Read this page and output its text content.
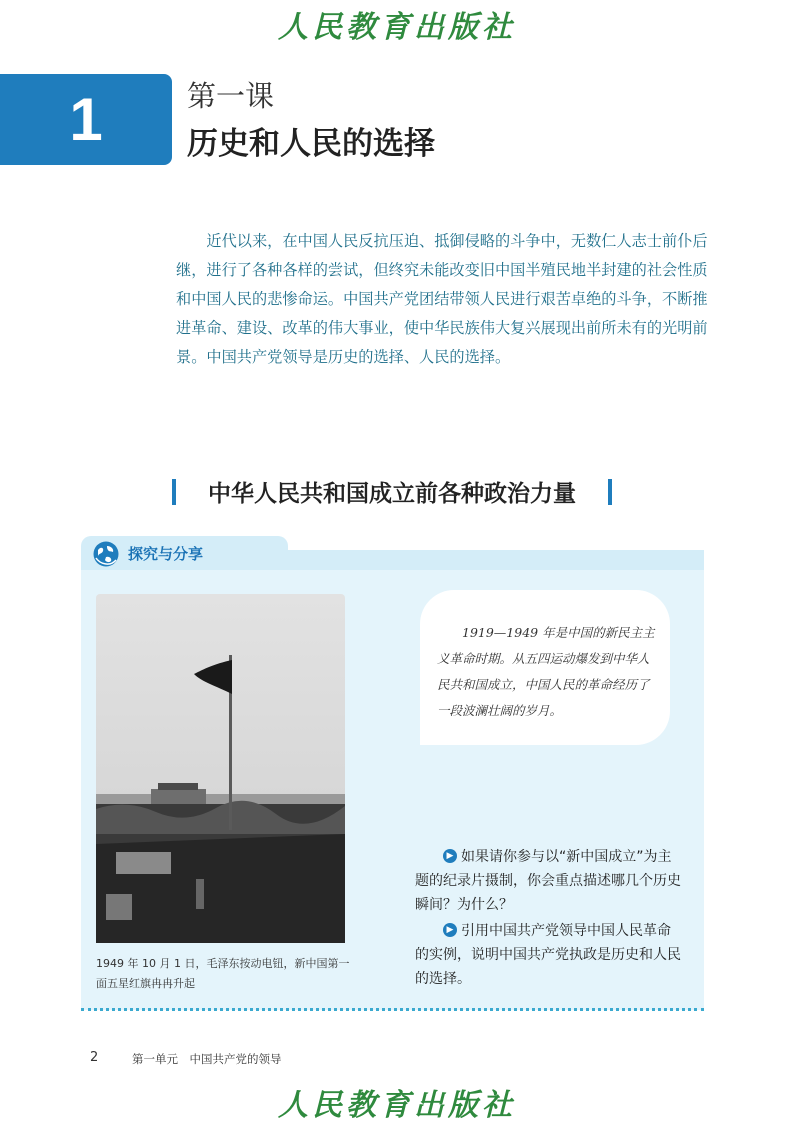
人民教育出版社
1	第一课
历史和人民的选择

近代以来，在中国人民反抗压迫、抵御侵略的斗争中，无数仁人志士前仆后继，进行了各种各样的尝试，但终究未能改变旧中国半殖民地半封建的社会性质和中国人民的悲惨命运。中国共产党团结带领人民进行艰苦卓绝的斗争，不断推进革命、建设、改革的伟大事业，使中华民族伟大复兴展现出前所未有的光明前景。中国共产党领导是历史的选择、人民的选择。

中华人民共和国成立前各种政治力量
探究与分享
1949 年 10 月 1 日，毛泽东按动电钮，新中国第一面五星红旗冉冉升起

1919—1949 年是中国的新民主主义革命时期。从五四运动爆发到中华人民共和国成立，中国人民的革命经历了一段波澜壮阔的岁月。

▶ 如果请你参与以“新中国成立”为主题的纪录片摄制，你会重点描述哪几个历史瞬间？为什么？

▶ 引用中国共产党领导中国人民革命的实例，说明中国共产党执政是历史和人民的选择。

2	第一单元　中国共产党的领导
人民教育出版社
